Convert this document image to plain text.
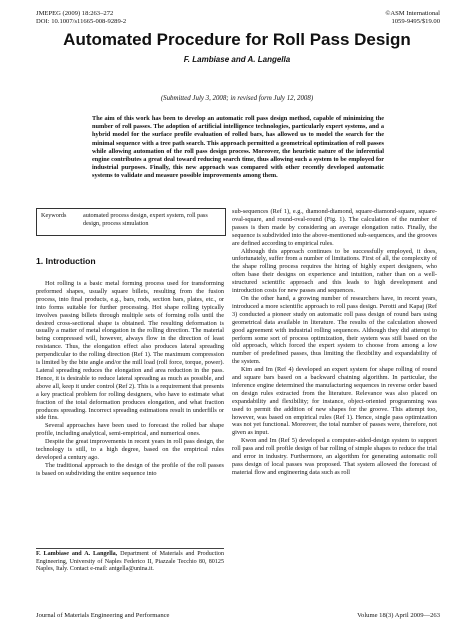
JMEPEG (2009) 18:263–272
DOI: 10.1007/s11665-008-9289-2
©ASM International
1059-9495/$19.00
Automated Procedure for Roll Pass Design
F. Lambiase and A. Langella
(Submitted July 3, 2008; in revised form July 12, 2008)
The aim of this work has been to develop an automatic roll pass design method, capable of minimizing the number of roll passes. The adoption of artificial intelligence technologies, particularly expert systems, and a hybrid model for the surface profile evaluation of rolled bars, has allowed us to model the search for the minimal sequence with a tree path search. This approach permitted a geometrical optimization of roll passes while allowing automation of the roll pass design process. Moreover, the heuristic nature of the inferential engine contributes a great deal toward reducing search time, thus allowing such a system to be employed for industrial purposes. Finally, this new approach was compared with other recently developed automatic systems to validate and measure possible improvements among them.
Keywords	automated process design, expert system, roll pass design, process simulation
1. Introduction

Hot rolling is a basic metal forming process used for transforming preformed shapes, usually square billets, resulting from the fusion process, into final products, e.g., bars, rods, section bars, plates, etc., or into forms suitable for further processing. Hot shape rolling typically involves passing billets through multiple sets of forming rolls until the desired cross-sectional shape is obtained. The resulting deformation is usually a matter of metal elongation in the rolling direction. The material being compressed will, however, always flow in the direction of least resistance. Thus, the elongation effect also produces lateral spreading perpendicular to the rolling direction (Ref 1). The maximum compression is limited by the bite angle and/or the mill load (roll force, torque, power). Lateral spreading reduces the elongation and area reduction in the pass. Hence, it is desirable to reduce lateral spreading as much as possible, and above all, keep it under control (Ref 2). This is a requirement that presents a key practical problem for rolling designers, who have to estimate what fraction of the total deformation produces elongation, and what fraction produces spreading. Incorrect spreading estimations result in underfills or side fins.

Several approaches have been used to forecast the rolled bar shape profile, including analytical, semi-empirical, and numerical ones.

Despite the great improvements in recent years in roll pass design, the technology is still, to a high degree, based on the empirical rules developed a century ago.

The traditional approach to the design of the profile of the roll passes is based on subdividing the entire sequence into

sub-sequences (Ref 1), e.g., diamond-diamond, square-diamond-square, square-oval-square, and round-oval-round (Fig. 1). The calculation of the number of passes is then made by considering an average elongation ratio. Finally, the sequence is subdivided into the above-mentioned sub-sequences, and the grooves are defined according to empirical rules.

Although this approach continues to be successfully employed, it does, unfortunately, suffer from a number of limitations. First of all, the complexity of the shape rolling process requires the hiring of highly expert designers, who often base their designs on experience and intuition, rather than on a well-structured scientific approach and this leads to high development and introduction costs for new passes and sequences.

On the other hand, a growing number of researchers have, in recent years, introduced a more scientific approach to roll pass design. Perotti and Kapaj (Ref 3) conducted a pioneer study on automatic roll pass design of round bars using geometrical data available in literature. The results of the calculation showed good agreement with industrial rolling sequences. Although they did attempt to perform some sort of process optimization, their system was still based on the old approach, which forced the expert system to choose from among a low number of predefined passes, thus limiting the flexibility and expandability of the system.

Kim and Im (Ref 4) developed an expert system for shape rolling of round and square bars based on a backward chaining algorithm. In particular, the inference engine determined the manufacturing sequences in reverse order based on design rules extracted from the literature. Relevance was also placed on expandability and flexibility; for instance, object-oriented programming was used to permit the addition of new shapes for the groove. This attempt too, however, was based on empirical rules (Ref 1). Hence, single pass optimization was not yet functional. Moreover, the total number of passes were, therefore, not given as input.

Kwon and Im (Ref 5) developed a computer-aided-design system to support roll pass and roll profile design of bar rolling of simple shapes to reduce the trial and error in industry. Furthermore, an algorithm for generating automatic roll pass design of local passes was proposed. That system allowed the forecast of material flow and engineering data such as roll

F. Lambiase and A. Langella, Department of Materials and Production Engineering, University of Naples Federico II, Piazzale Tecchio 80, 80125 Naples, Italy. Contact e-mail: antgella@unina.it.
Journal of Materials Engineering and Performance	Volume 18(3) April 2009—263
